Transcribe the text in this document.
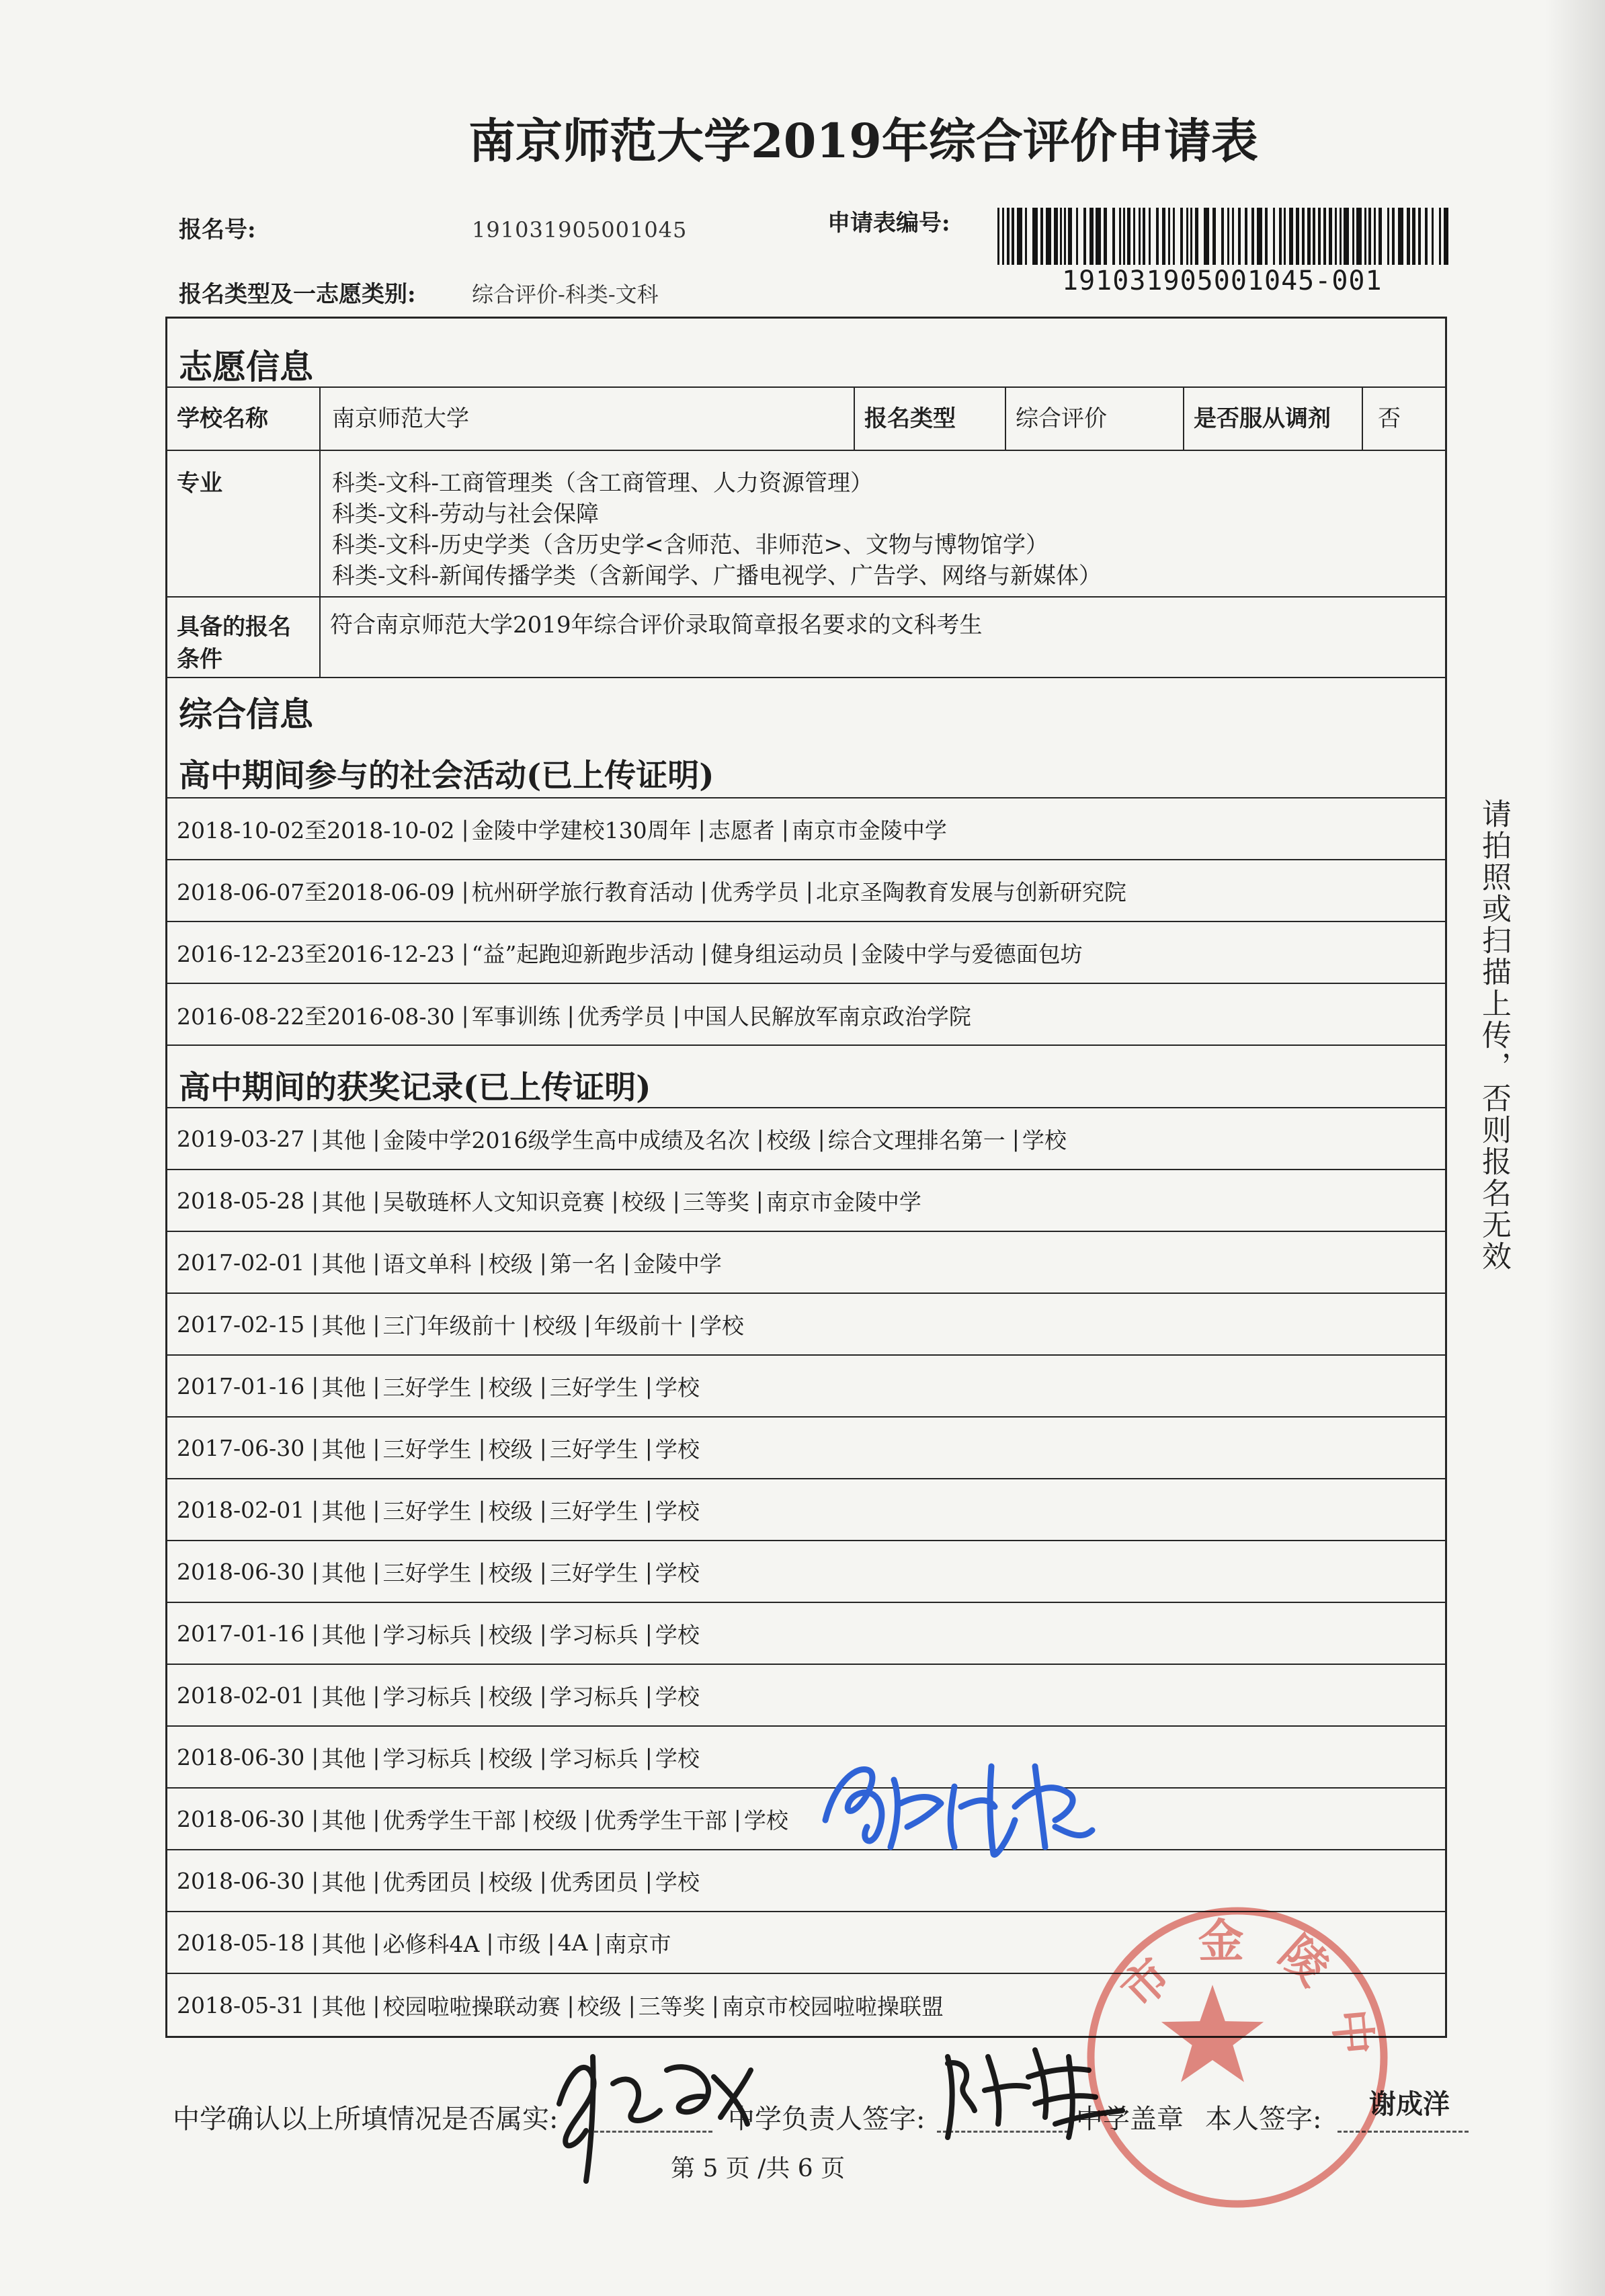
南京师范大学2019年综合评价申请表
报名号:	191031905001045	申请表编号:
191031905001045-001
报名类型及一志愿类别:	综合评价-科类-文科
志愿信息
学校名称	南京师范大学	报名类型	综合评价	是否服从调剂	否
专业	科类-文科-工商管理类（含工商管理、人力资源管理）
科类-文科-劳动与社会保障
科类-文科-历史学类（含历史学<含师范、非师范>、文物与博物馆学）
科类-文科-新闻传播学类（含新闻学、广播电视学、广告学、网络与新媒体）
具备的报名
条件
符合南京师范大学2019年综合评价录取简章报名要求的文科考生
综合信息
高中期间参与的社会活动(已上传证明)
2018-10-02至2018-10-02 | 金陵中学建校130周年 | 志愿者 | 南京市金陵中学
2018-06-07至2018-06-09 | 杭州研学旅行教育活动 | 优秀学员 | 北京圣陶教育发展与创新研究院
2016-12-23至2016-12-23 | “益”起跑迎新跑步活动 | 健身组运动员 | 金陵中学与爱德面包坊
2016-08-22至2016-08-30 | 军事训练 | 优秀学员 | 中国人民解放军南京政治学院
高中期间的获奖记录(已上传证明)
2019-03-27 | 其他 | 金陵中学2016级学生高中成绩及名次 | 校级 | 综合文理排名第一 | 学校
2018-05-28 | 其他 | 吴敬琏杯人文知识竞赛 | 校级 | 三等奖 | 南京市金陵中学
2017-02-01 | 其他 | 语文单科 | 校级 | 第一名 | 金陵中学
2017-02-15 | 其他 | 三门年级前十 | 校级 | 年级前十 | 学校
2017-01-16 | 其他 | 三好学生 | 校级 | 三好学生 | 学校
2017-06-30 | 其他 | 三好学生 | 校级 | 三好学生 | 学校
2018-02-01 | 其他 | 三好学生 | 校级 | 三好学生 | 学校
2018-06-30 | 其他 | 三好学生 | 校级 | 三好学生 | 学校
2017-01-16 | 其他 | 学习标兵 | 校级 | 学习标兵 | 学校
2018-02-01 | 其他 | 学习标兵 | 校级 | 学习标兵 | 学校
2018-06-30 | 其他 | 学习标兵 | 校级 | 学习标兵 | 学校
2018-06-30 | 其他 | 优秀学生干部 | 校级 | 优秀学生干部 | 学校
2018-06-30 | 其他 | 优秀团员 | 校级 | 优秀团员 | 学校
2018-05-18 | 其他 | 必修科4A | 市级 | 4A | 南京市
2018-05-31 | 其他 | 校园啦啦操联动赛 | 校级 | 三等奖 | 南京市校园啦啦操联盟
请拍照或扫描上传，否则报名无效
中学确认以上所填情况是否属实:	中学负责人签字:	中学盖章 本人签字: 谢成洋
第 5 页 /共 6 页
市金陵中
